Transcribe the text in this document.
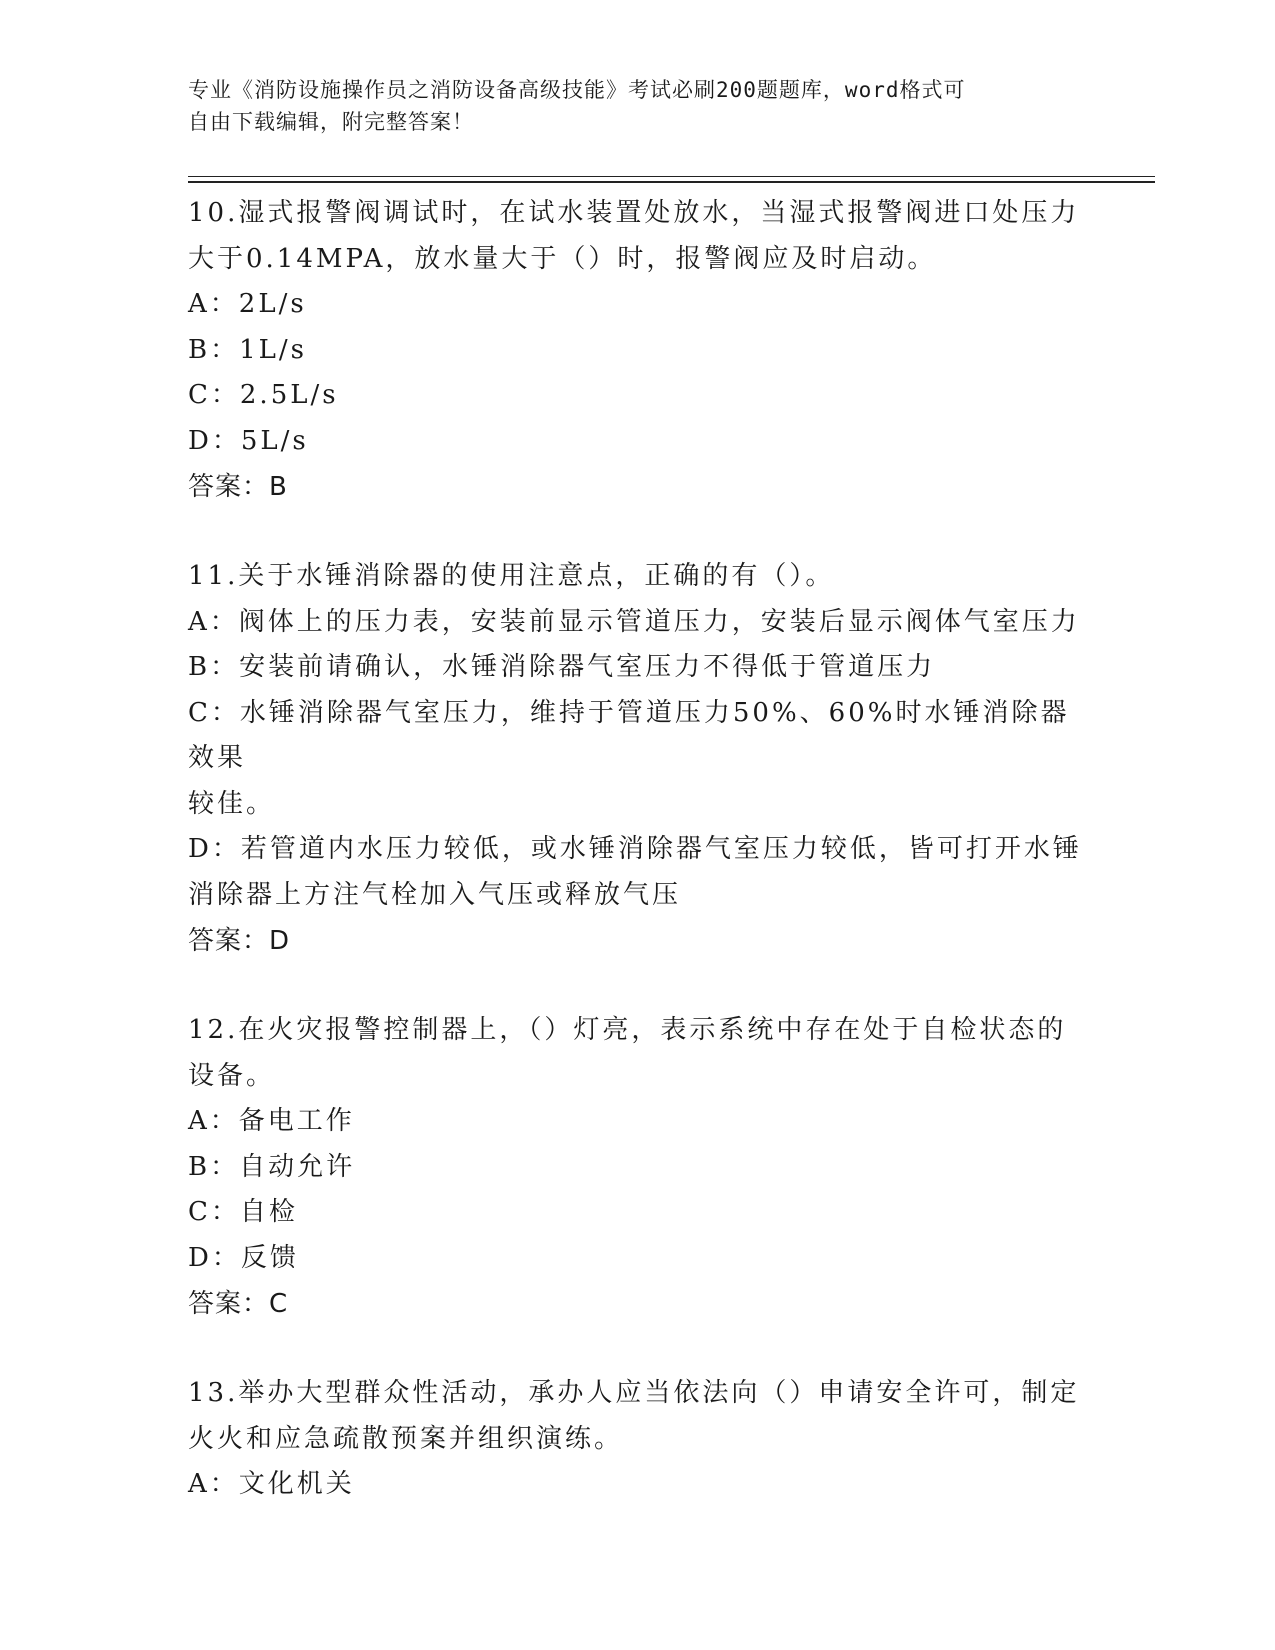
专业《消防设施操作员之消防设备高级技能》考试必刷200题题库，word格式可
自由下载编辑，附完整答案！
10.湿式报警阀调试时，在试水装置处放水，当湿式报警阀进口处压力
大于0.14MPA，放水量大于（）时，报警阀应及时启动。
A：2L/s
B：1L/s
C：2.5L/s
D：5L/s
答案：B
11.关于水锤消除器的使用注意点，正确的有（）。
A：阀体上的压力表，安装前显示管道压力，安装后显示阀体气室压力
B：安装前请确认，水锤消除器气室压力不得低于管道压力
C：水锤消除器气室压力，维持于管道压力50%、60%时水锤消除器效果
较佳。
D：若管道内水压力较低，或水锤消除器气室压力较低，皆可打开水锤
消除器上方注气栓加入气压或释放气压
答案：D
12.在火灾报警控制器上，（）灯亮，表示系统中存在处于自检状态的
设备。
A：备电工作
B：自动允许
C：自检
D：反馈
答案：C
13.举办大型群众性活动，承办人应当依法向（）申请安全许可，制定
火火和应急疏散预案并组织演练。
A：文化机关
